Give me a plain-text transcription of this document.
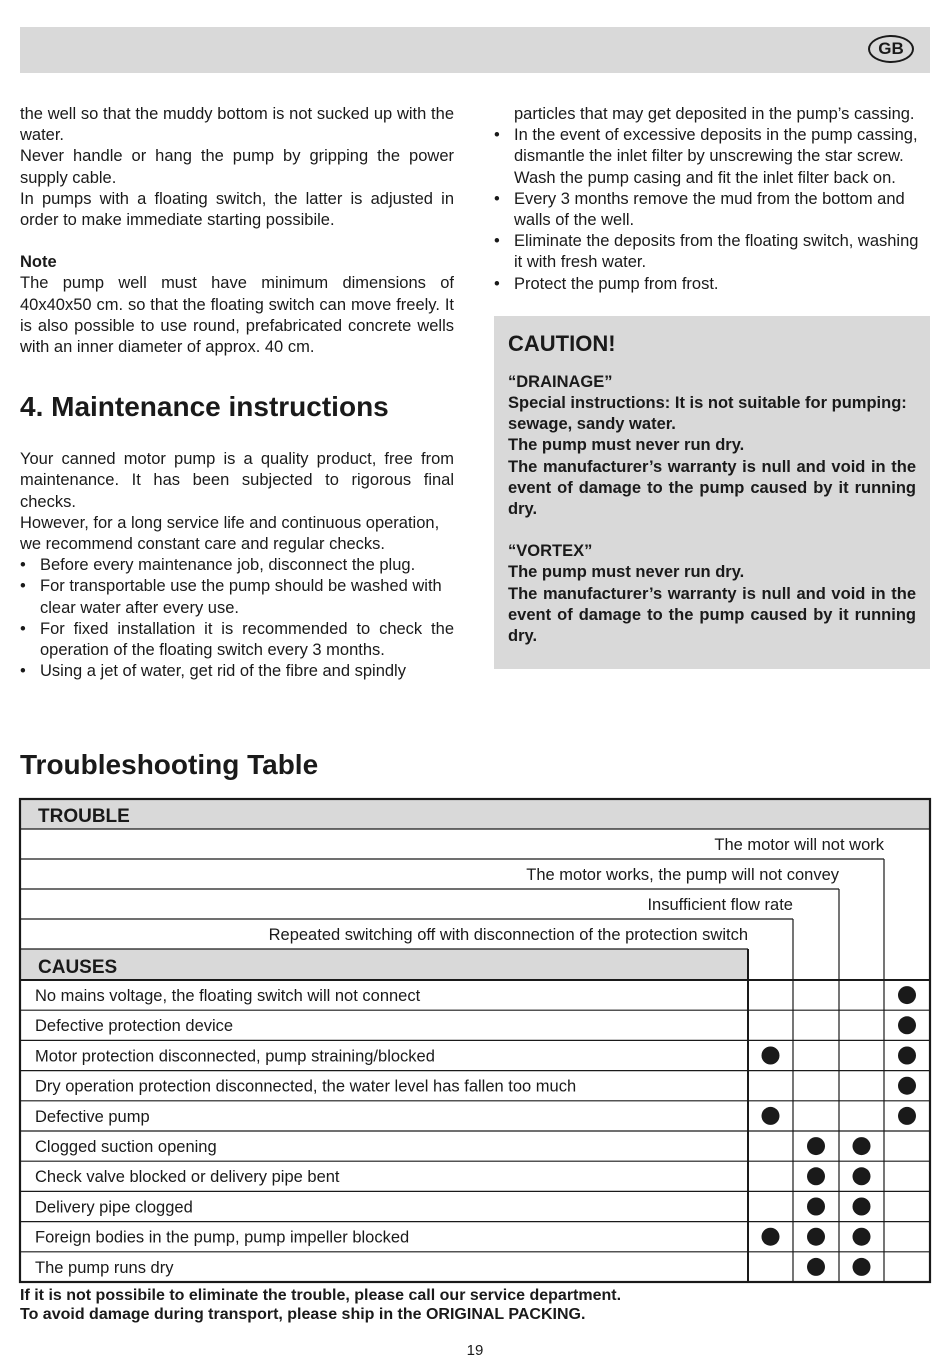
GB

the well so that the muddy bottom is not sucked up with the water.

Never handle or hang the pump by gripping the power supply cable.

In pumps with a floating switch, the latter is adjusted in order to make immediate starting possibile.

Note

The pump well must have minimum dimensions of 40x40x50 cm. so that the floating switch can move freely. It is also possible to use round, prefabricated concrete wells with an inner diameter of approx. 40 cm.

4. Maintenance instructions

Your canned motor pump is a quality product, free from maintenance. It has been subjected to rigorous final checks.

However, for a long service life and continuous operation, we recommend constant care and regular checks.

• Before every maintenance job, disconnect the plug.
• For transportable use the pump should be washed with clear water after every use.
• For fixed installation it is recommended to check the operation of the floating switch every 3 months.
• Using a jet of water, get rid of the fibre and spindly

particles that may get deposited in the pump’s cassing.

• In the event of excessive deposits in the pump cassing, dismantle the inlet filter by unscrewing the star screw. Wash the pump casing and fit the inlet filter back on.
• Every 3 months remove the mud from the bottom and walls of the well.
• Eliminate the deposits from the floating switch, washing it with fresh water.
• Protect the pump from frost.
CAUTION!

“DRAINAGE”

Special instructions: It is not suitable for pumping: sewage, sandy water.

The pump must never run dry.

The manufacturer’s warranty is null and void in the event of damage to the pump caused by it running dry.

“VORTEX”

The pump must never run dry.

The manufacturer’s warranty is null and void in the event of damage to the pump caused by it running dry.

Troubleshooting Table
TROUBLE
The motor will not work
The motor works, the pump will not convey
Insufficient flow rate
Repeated switching off with disconnection of the protection switch
CAUSES
No mains voltage, the floating switch will not connect
Defective protection device
Motor protection disconnected, pump straining/blocked
Dry operation protection disconnected, the water level has fallen too much
Defective pump
Clogged suction opening
Check valve blocked or delivery pipe bent
Delivery pipe clogged
Foreign bodies in the pump, pump impeller blocked
The pump runs dry

If it is not possibile to eliminate the trouble, please call our service department.

To avoid damage during transport, please ship in the ORIGINAL PACKING.

19
